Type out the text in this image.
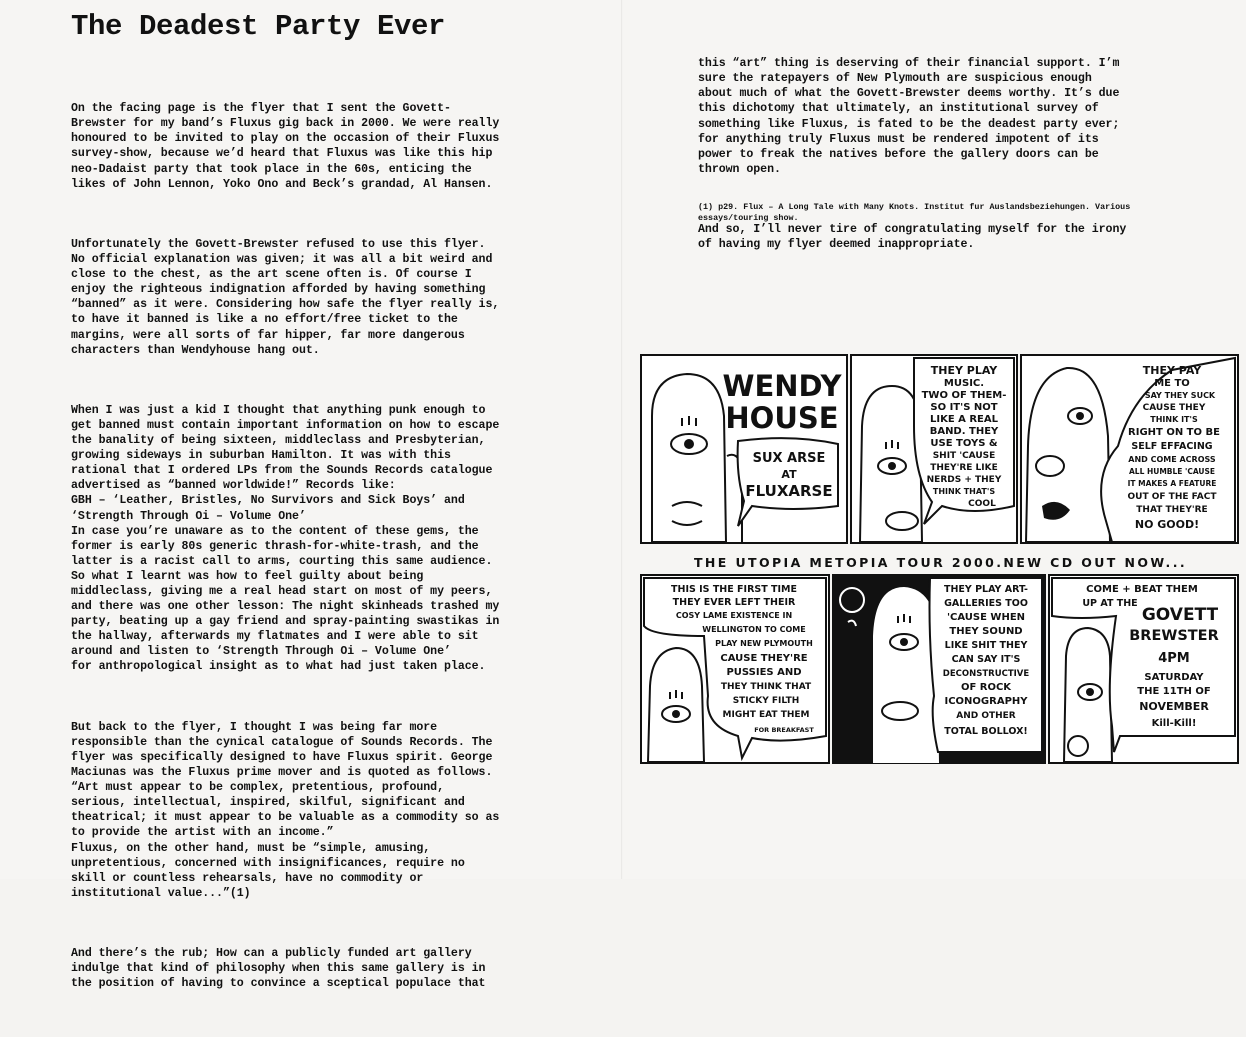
The Deadest Party Ever

On the facing page is the flyer that I sent the Govett-
Brewster for my band’s Fluxus gig back in 2000. We were really
honoured to be invited to play on the occasion of their Fluxus
survey-show, because we’d heard that Fluxus was like this hip
neo-Dadaist party that took place in the 60s, enticing the
likes of John Lennon, Yoko Ono and Beck’s grandad, Al Hansen.

Unfortunately the Govett-Brewster refused to use this flyer.
No official explanation was given; it was all a bit weird and
close to the chest, as the art scene often is. Of course I
enjoy the righteous indignation afforded by having something
“banned” as it were. Considering how safe the flyer really is,
to have it banned is like a no effort/free ticket to the
margins, were all sorts of far hipper, far more dangerous
characters than Wendyhouse hang out.

When I was just a kid I thought that anything punk enough to
get banned must contain important information on how to escape
the banality of being sixteen, middleclass and Presbyterian,
growing sideways in suburban Hamilton. It was with this
rational that I ordered LPs from the Sounds Records catalogue
advertised as “banned worldwide!” Records like:
GBH – ‘Leather, Bristles, No Survivors and Sick Boys’ and
‘Strength Through Oi – Volume One’
In case you’re unaware as to the content of these gems, the
former is early 80s generic thrash-for-white-trash, and the
latter is a racist call to arms, courting this same audience.
So what I learnt was how to feel guilty about being
middleclass, giving me a real head start on most of my peers,
and there was one other lesson: The night skinheads trashed my
party, beating up a gay friend and spray-painting swastikas in
the hallway, afterwards my flatmates and I were able to sit
around and listen to ‘Strength Through Oi – Volume One’
for anthropological insight as to what had just taken place.

But back to the flyer, I thought I was being far more
responsible than the cynical catalogue of Sounds Records. The
flyer was specifically designed to have Fluxus spirit. George
Maciunas was the Fluxus prime mover and is quoted as follows.
“Art must appear to be complex, pretentious, profound,
serious, intellectual, inspired, skilful, significant and
theatrical; it must appear to be valuable as a commodity so as
to provide the artist with an income.”
Fluxus, on the other hand, must be “simple, amusing,
unpretentious, concerned with insignificances, require no
skill or countless rehearsals, have no commodity or
institutional value...”(1)

And there’s the rub; How can a publicly funded art gallery
indulge that kind of philosophy when this same gallery is in
the position of having to convince a sceptical populace that

this “art” thing is deserving of their financial support. I’m
sure the ratepayers of New Plymouth are suspicious enough
about much of what the Govett-Brewster deems worthy. It’s due
this dichotomy that ultimately, an institutional survey of
something like Fluxus, is fated to be the deadest party ever;
for anything truly Fluxus must be rendered impotent of its
power to freak the natives before the gallery doors can be
thrown open.

And so, I’ll never tire of congratulating myself for the irony
of having my flyer deemed inappropriate.

(1) p29. Flux – A Long Tale with Many Knots. Institut fur Auslandsbeziehungen. Various
essays/touring show.
WENDY
HOUSE
SUX ARSE
AT
FLUXARSE
THEY PLAY
MUSIC.
TWO OF THEM-
SO IT'S NOT
LIKE A REAL
BAND. THEY
USE TOYS &
SHIT 'CAUSE
THEY'RE LIKE
NERDS + THEY
THINK THAT'S
COOL
THEY PAY
ME TO
SAY THEY SUCK
CAUSE THEY
THINK IT'S
RIGHT ON TO BE
SELF EFFACING
AND COME ACROSS
ALL HUMBLE 'CAUSE
IT MAKES A FEATURE
OUT OF THE FACT
THAT THEY'RE
NO GOOD!
THE UTOPIA METOPIA TOUR 2000.NEW CD OUT NOW...
THIS IS THE FIRST TIME
THEY EVER LEFT THEIR
COSY LAME EXISTENCE IN
WELLINGTON TO COME
PLAY NEW PLYMOUTH
CAUSE THEY'RE
PUSSIES AND
THEY THINK THAT
STICKY FILTH
MIGHT EAT THEM
FOR BREAKFAST
THEY PLAY ART-
GALLERIES TOO
'CAUSE WHEN
THEY SOUND
LIKE SHIT THEY
CAN SAY IT'S
DECONSTRUCTIVE
OF ROCK
ICONOGRAPHY
AND OTHER
TOTAL BOLLOX!
COME + BEAT THEM
UP AT THE
GOVETT
BREWSTER
4PM
SATURDAY
THE 11TH OF
NOVEMBER
Kill-Kill!
